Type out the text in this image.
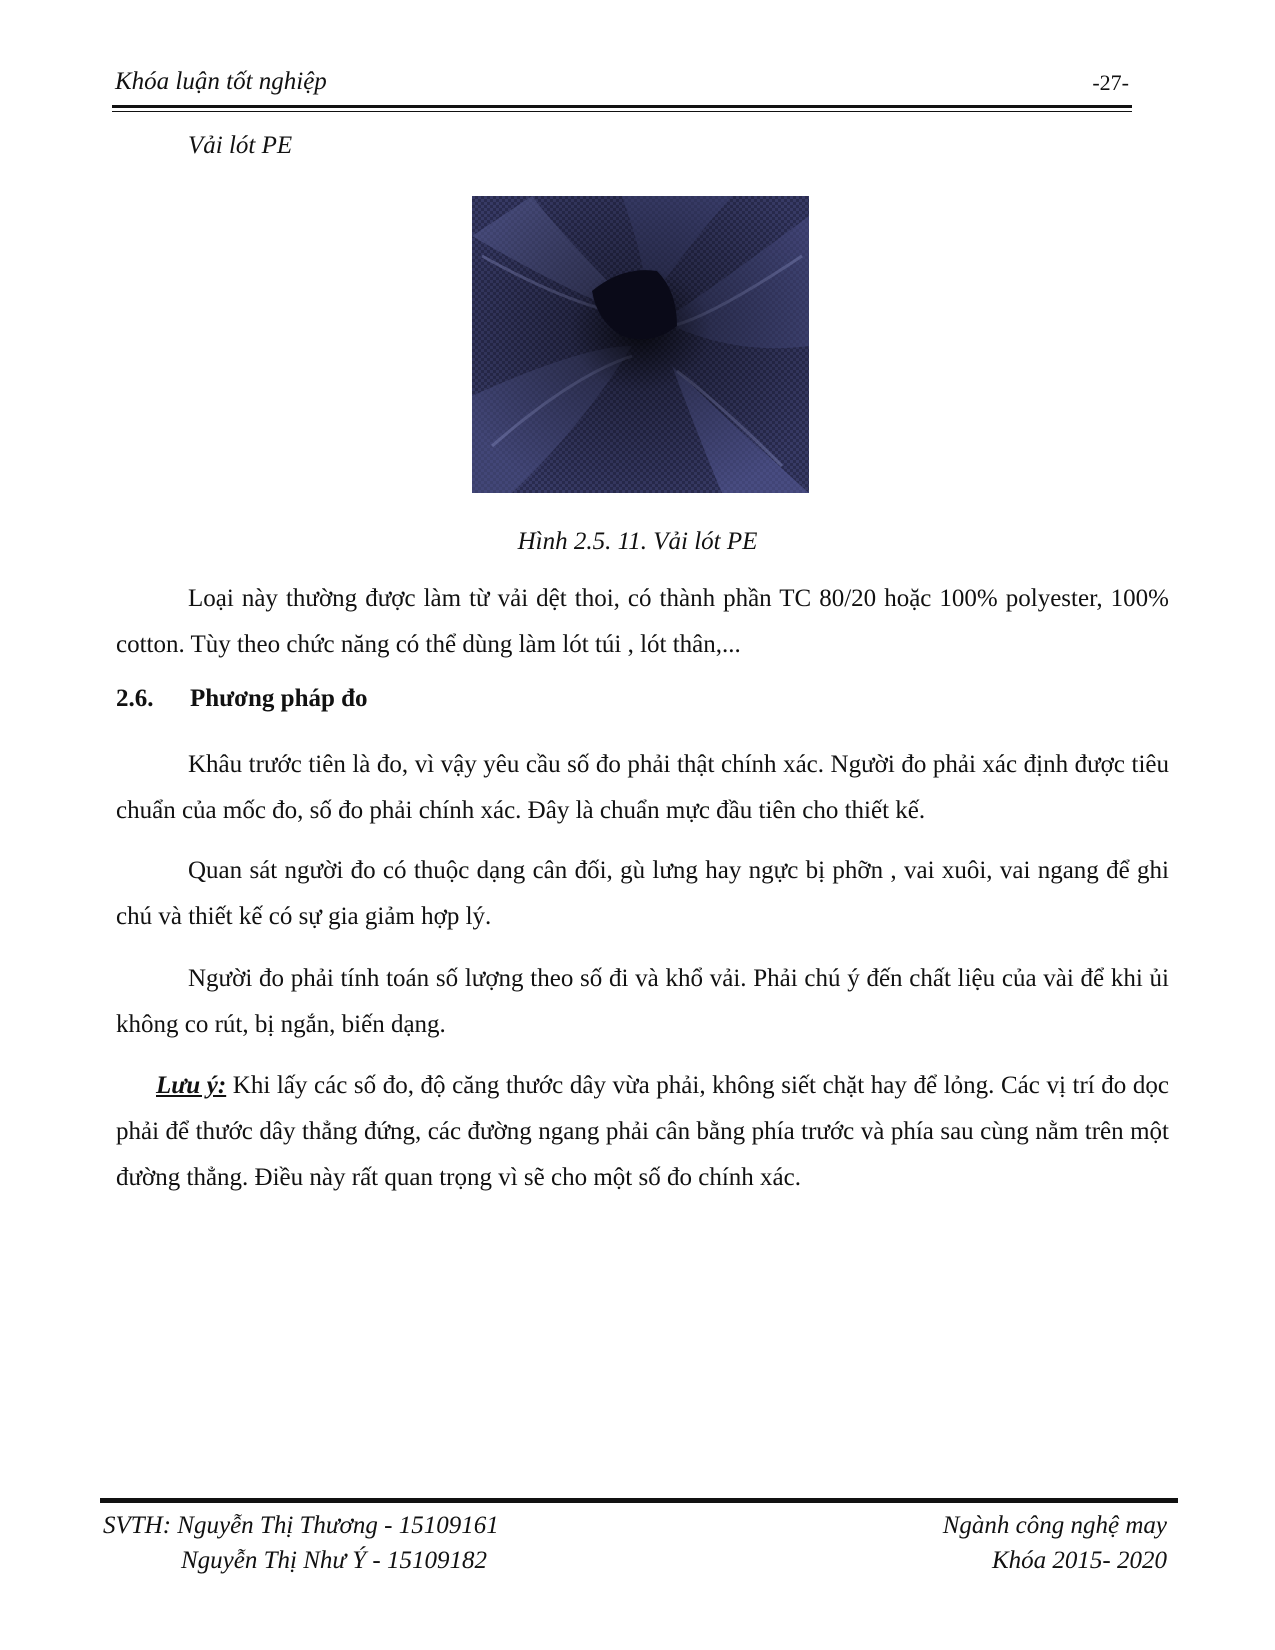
Khóa luận tốt nghiệp	-27-
Vải lót PE
Hình 2.5. 11. Vải lót PE

Loại này thường được làm từ vải dệt thoi, có thành phần TC 80/20 hoặc 100% polyester, 100% cotton. Tùy theo chức năng có thể dùng làm lót túi , lót thân,...

2.6. Phương pháp đo

Khâu trước tiên là đo, vì vậy yêu cầu số đo phải thật chính xác. Người đo phải xác định được tiêu chuẩn của mốc đo, số đo phải chính xác. Đây là chuẩn mực đầu tiên cho thiết kế.

Quan sát người đo có thuộc dạng cân đối, gù lưng hay ngực bị phỡn , vai xuôi, vai ngang để ghi chú và thiết kế có sự gia giảm hợp lý.

Người đo phải tính toán số lượng theo số đi và khổ vải. Phải chú ý đến chất liệu của vài để khi ủi không co rút, bị ngắn, biến dạng.

Lưu ý: Khi lấy các số đo, độ căng thước dây vừa phải, không siết chặt hay để lỏng. Các vị trí đo dọc phải để thước dây thẳng đứng, các đường ngang phải cân bằng phía trước và phía sau cùng nằm trên một đường thẳng. Điều này rất quan trọng vì sẽ cho một số đo chính xác.

SVTH: Nguyễn Thị Thương - 15109161
Nguyễn Thị Như Ý - 15109182
Ngành công nghệ may
Khóa 2015- 2020
